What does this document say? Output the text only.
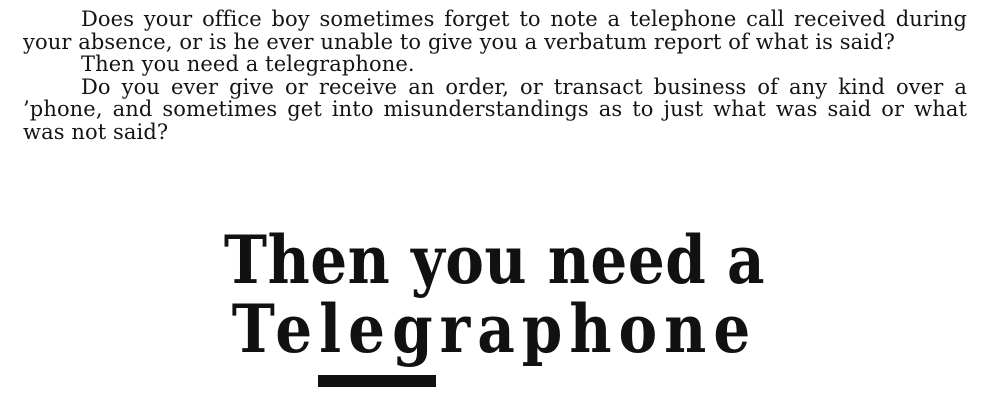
Does your office boy sometimes forget to note a telephone call received during your absence, or is he ever unable to give you a verbatum report of what is said?

Then you need a telegraphone.

Do you ever give or receive an order, or transact business of any kind over a ’phone, and sometimes get into misunderstandings as to just what was said or what was not said?

Then you need a
Telegraphone
